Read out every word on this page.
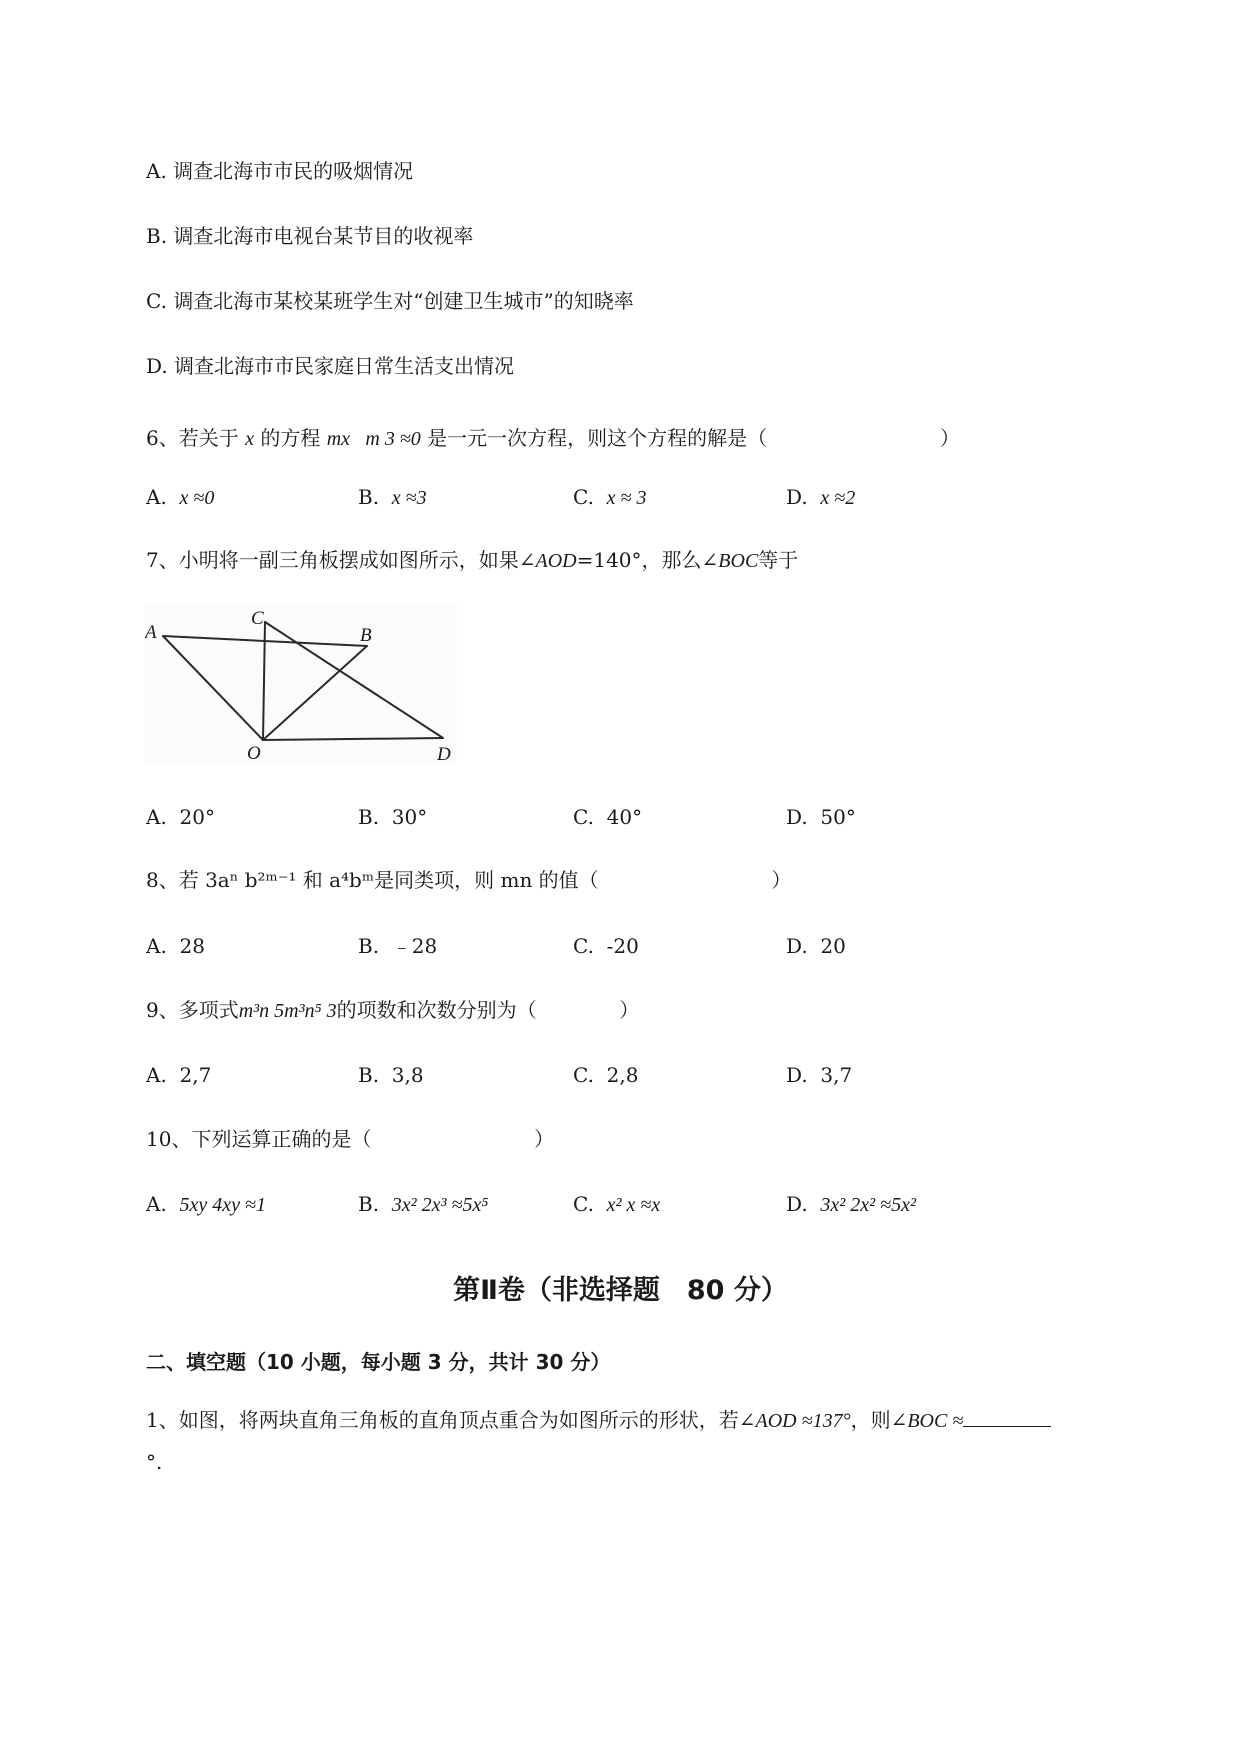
A. 调查北海市市民的吸烟情况
B. 调查北海市电视台某节目的收视率
C. 调查北海市某校某班学生对“创建卫生城市”的知晓率
D. 调查北海市市民家庭日常生活支出情况
6、若关于 x 的方程 mx m 3 ≈0 是一元一次方程，则这个方程的解是（	）
A. x ≈0	B. x ≈3	C. x ≈ 3	D. x ≈2
7、小明将一副三角板摆成如图所示，如果∠AOD=140°，那么∠BOC等于
A
C
B
O	D
A. 20°	B. 30°	C. 40°	D. 50°
8、若 3aⁿ b²ᵐ⁻¹ 和 a⁴bᵐ是同类项，则 mn 的值（	）
A. 28	B. ﹣28	C. -20	D. 20
9、多项式m³n 5m³n⁵ 3的项数和次数分别为（	）
A. 2,7	B. 3,8	C. 2,8	D. 3,7
10、下列运算正确的是（	）
A. 5xy 4xy ≈1	B. 3x² 2x³ ≈5x⁵	C. x² x ≈x	D. 3x² 2x² ≈5x²
第Ⅱ卷（非选择题　80 分）
二、填空题（10 小题，每小题 3 分，共计 30 分）
1、如图，将两块直角三角板的直角顶点重合为如图所示的形状，若∠AOD ≈137°，则∠BOC ≈
°.
